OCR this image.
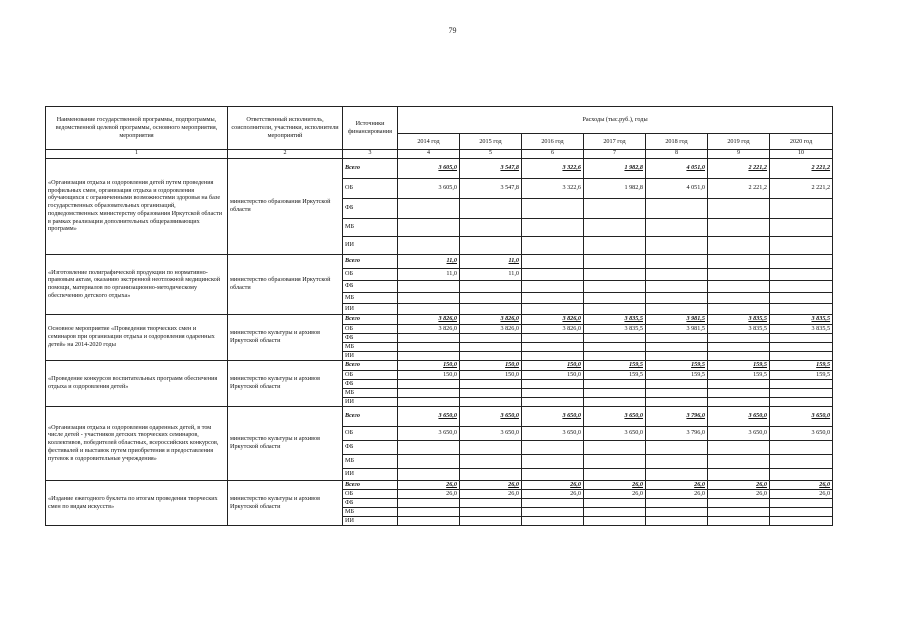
79
Наименование государственной программы, подпрограммы, ведомственной целевой программы, основного мероприятия, мероприятия	Ответственный исполнитель, соисполнители, участники, исполнители мероприятий	Источники финансирования	Расходы (тыс.руб.), годы						
			2014 год	2015 год	2016 год	2017 год	2018 год	2019 год	2020 год
1	2	3	4	5	6	7	8	9	10
«Организация отдыха и оздоровления детей путем проведения профильных смен, организация отдыха и оздоровления обучающихся с ограниченными возможностями здоровья на базе государственных образовательных организаций, подведомственных министерству образования Иркутской области в рамках реализации дополнительных общеразвивающих программ»	министерство образования Иркутской области	Всего	3 605,0	3 547,8	3 322,6	1 982,8	4 051,0	2 221,2	2 221,2
		ОБ	3 605,0	3 547,8	3 322,6	1 982,8	4 051,0	2 221,2	2 221,2
		ФБ							
		МБ							
		ИИ							
«Изготовление полиграфической продукции по нормативно-правовым актам, оказанию экстренной неотложной медицинской помощи, материалов по организационно-методическому обеспечению детского отдыха»	министерство образования Иркутской области	Всего	11,0	11,0					
		ОБ	11,0	11,0					
		ФБ							
		МБ							
		ИИ							
Основное мероприятие «Проведения творческих смен и семинаров при организации отдыха и оздоровления одаренных детей» на 2014-2020 годы	министерство культуры и архивов Иркутской области	Всего	3 826,0	3 826,0	3 826,0	3 835,5	3 981,5	3 835,5	3 835,5
		ОБ	3 826,0	3 826,0	3 826,0	3 835,5	3 981,5	3 835,5	3 835,5
		ФБ							
		МБ							
		ИИ							
«Проведение конкурсов воспитательных программ обеспечения отдыха и оздоровления детей»	министерство культуры и архивов Иркутской области	Всего	150,0	150,0	150,0	159,5	159,5	159,5	159,5
		ОБ	150,0	150,0	150,0	159,5	159,5	159,5	159,5
		ФБ							
		МБ							
		ИИ							
«Организация отдыха и оздоровления одаренных детей, в том числе детей - участников детских творческих семинаров, коллективов, победителей областных, всероссийских конкурсов, фестивалей и выставок путем приобретения и предоставления путевок в оздоровительные учреждения»	министерство культуры и архивов Иркутской области	Всего	3 650,0	3 650,0	3 650,0	3 650,0	3 796,0	3 650,0	3 650,0
		ОБ	3 650,0	3 650,0	3 650,0	3 650,0	3 796,0	3 650,0	3 650,0
		ФБ							
		МБ							
		ИИ							
«Издание ежегодного буклета по итогам проведения творческих смен по видам искусств»	министерство культуры и архивов Иркутской области	Всего	26,0	26,0	26,0	26,0	26,0	26,0	26,0
		ОБ	26,0	26,0	26,0	26,0	26,0	26,0	26,0
		ФБ							
		МБ							
		ИИ							
